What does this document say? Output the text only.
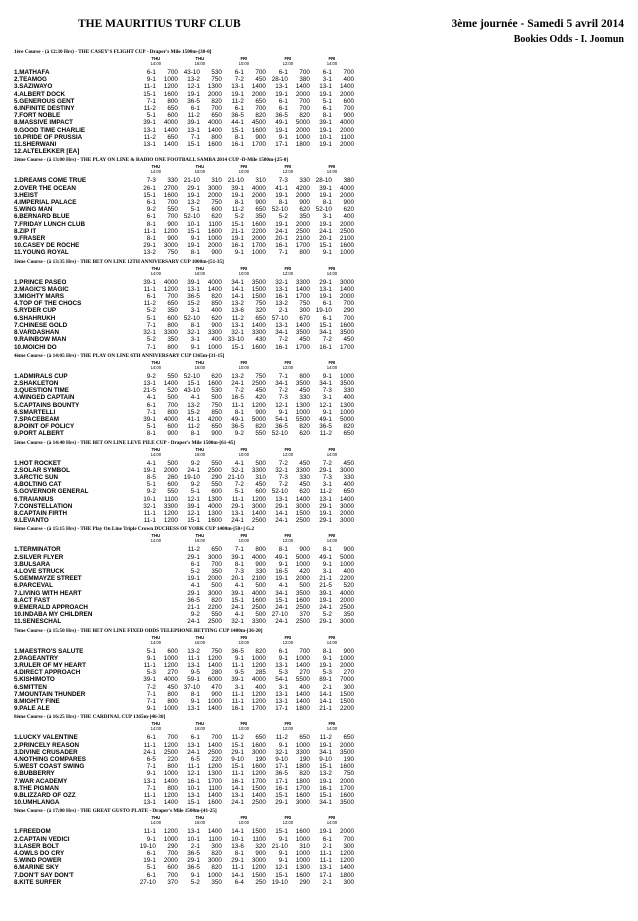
THE MAURITIUS TURF CLUB	3ème journée - Samedi 5 avril 2014
Bookies Odds - I. Joomun
1ère Course - (à 12:30 Hrs) - THE CASEY'S FLIGHT CUP - Draper's Mile 1500m-[30-0]
	THU		THU		FRI		FRI		FRI	
	14:00		16:00		10:00		12:00		14:00	

1.MATHAFA	6-1	700	43-10	530	6-1	700	6-1	700	6-1	700
2.TEAMOG	9-1	1000	13-2	750	7-2	450	28-10	380	3-1	400
3.SAZIWAYO	11-1	1200	12-1	1300	13-1	1400	13-1	1400	13-1	1400
4.ALBERT DOCK	15-1	1600	19-1	2000	19-1	2000	19-1	2000	19-1	2000
5.GENEROUS GENT	7-1	800	36-5	820	11-2	650	6-1	700	5-1	600
6.INFINITE DESTINY	11-2	650	6-1	700	6-1	700	6-1	700	6-1	700
7.FORT NOBLE	5-1	600	11-2	650	36-5	820	36-5	820	8-1	900
8.MASSIVE IMPACT	39-1	4000	39-1	4000	44-1	4500	49-1	5000	39-1	4000
9.GOOD TIME CHARLIE	13-1	1400	13-1	1400	15-1	1600	19-1	2000	19-1	2000
10.PRIDE OF PRUSSIA	11-2	650	7-1	800	8-1	900	9-1	1000	10-1	1100
11.SHERWANI	13-1	1400	15-1	1600	16-1	1700	17-1	1800	19-1	2000
12.ALTELEKKER [EA]										
2ème Course - (à 13:00 Hrs) - THE PLAY ON LINE & RADIO ONE FOOTBALL SAMBA 2014 CUP -D-Mile 1500m-[25-0]
	THU		THU		FRI		FRI		FRI	
	14:00		16:00		10:00		12:00		14:00	

1.DREAMS COME TRUE	7-3	330	21-10	310	21-10	310	7-3	330	28-10	380
2.OVER THE OCEAN	26-1	2700	29-1	3000	39-1	4000	41-1	4200	39-1	4000
3.HEIST	15-1	1600	19-1	2000	19-1	2000	19-1	2000	19-1	2000
4.IMPERIAL PALACE	6-1	700	13-2	750	8-1	900	8-1	900	8-1	900
5.WING MAN	9-2	550	5-1	600	11-2	650	52-10	620	52-10	620
6.BERNARD BLUE	6-1	700	52-10	620	5-2	350	5-2	350	3-1	400
7.FRIDAY LUNCH CLUB	8-1	900	10-1	1100	15-1	1600	19-1	2000	19-1	2000
8.ZIP IT	11-1	1200	15-1	1600	21-1	2200	24-1	2500	24-1	2500
9.FRASER	8-1	900	9-1	1000	19-1	2000	20-1	2100	20-1	2100
10.CASEY DE ROCHE	29-1	3000	19-1	2000	16-1	1700	16-1	1700	15-1	1600
11.YOUNG ROYAL	13-2	750	8-1	900	9-1	1000	7-1	800	9-1	1000
3ème Course - (à 13:35 Hrs) - THE BET ON LINE 12TH ANNIVERSARY CUP 1000m-[51-35]
	THU		THU		FRI		FRI		FRI	
	14:00		16:00		10:00		12:00		14:00	

1.PRINCE PASEO	39-1	4000	39-1	4000	34-1	3500	32-1	3300	29-1	3000
2.MAGIC'S MAGIC	11-1	1200	13-1	1400	14-1	1500	13-1	1400	13-1	1400
3.MIGHTY MARS	6-1	700	36-5	820	14-1	1500	16-1	1700	19-1	2000
4.TOP OF THE CHOCS	11-2	650	15-2	850	13-2	750	13-2	750	6-1	700
5.RYDER CUP	5-2	350	3-1	400	13-6	320	2-1	300	19-10	290
6.SHAHRUKH	5-1	600	52-10	620	11-2	650	57-10	670	6-1	700
7.CHINESE GOLD	7-1	800	8-1	900	13-1	1400	13-1	1400	15-1	1600
8.VARDASHAN	32-1	3300	32-1	3300	32-1	3300	34-1	3500	34-1	3500
9.RAINBOW MAN	5-2	350	3-1	400	33-10	430	7-2	450	7-2	450
10.MOICHI DO	7-1	800	9-1	1000	15-1	1600	16-1	1700	16-1	1700
4ème Course - (à 14:05 Hrs) - THE PLAY ON LINE 6TH ANNIVERSARY CUP 1365m-[31-15]
	THU		THU		FRI		FRI		FRI	
	14:00		16:00		10:00		12:00		14:00	

1.ADMIRALS CUP	9-2	550	52-10	620	13-2	750	7-1	800	9-1	1000
2.SHAKLETON	13-1	1400	15-1	1600	24-1	2500	34-1	3500	34-1	3500
3.QUESTION TIME	21-5	520	43-10	530	7-2	450	7-2	450	7-3	330
4.WINGED CAPTAIN	4-1	500	4-1	500	16-5	420	7-3	330	3-1	400
5.CAPTAINS BOUNTY	6-1	700	13-2	750	11-1	1200	12-1	1300	12-1	1300
6.SMARTELLI	7-1	800	15-2	850	8-1	900	9-1	1000	9-1	1000
7.SPACEBEAM	39-1	4000	41-1	4200	49-1	5000	54-1	5500	49-1	5000
8.POINT OF POLICY	5-1	600	11-2	650	36-5	820	36-5	820	36-5	820
9.PORT ALBERT	8-1	900	8-1	900	9-2	550	52-10	620	11-2	650
5ème Course - (à 14:40 Hrs) - THE BET ON LINE LEVÉ PILÉ CUP - Draper's Mile 1500m-[61-45]
	THU		THU		FRI		FRI		FRI	
	14:00		16:00		10:00		12:00		14:00	

1.HOT ROCKET	4-1	500	9-2	550	4-1	500	7-2	450	7-2	450
2.SOLAR SYMBOL	19-1	2000	24-1	2500	32-1	3300	32-1	3300	29-1	3000
3.ARCTIC SUN	8-5	260	19-10	290	21-10	310	7-3	330	7-3	330
4.BOLTING CAT	5-1	600	9-2	550	7-2	450	7-2	450	3-1	400
5.GOVERNOR GENERAL	9-2	550	5-1	600	5-1	600	52-10	620	11-2	650
6.TRAIANIUS	10-1	1100	12-1	1300	11-1	1200	13-1	1400	13-1	1400
7.CONSTELLATION	32-1	3300	39-1	4000	29-1	3000	29-1	3000	29-1	3000
8.CAPTAIN FIRTH	11-1	1200	12-1	1300	13-1	1400	14-1	1500	19-1	2000
9.LEVANTO	11-1	1200	15-1	1600	24-1	2500	24-1	2500	29-1	3000
6ème Course - (à 15:15 Hrs) - THE Play On Line Triple Crown DUCHESS OF YORK CUP 1400m-[50+] G.2
	THU		THU		FRI		FRI		FRI	
	14:00		16:00		10:00		12:00		14:00	

1.TERMINATOR			11-2	650	7-1	800	8-1	900	8-1	900
2.SILVER FLYER			29-1	3000	39-1	4000	49-1	5000	49-1	5000
3.BULSARA			6-1	700	8-1	900	9-1	1000	9-1	1000
4.LOVE STRUCK			5-2	350	7-3	330	16-5	420	3-1	400
5.GEMMAYZE STREET			19-1	2000	20-1	2100	19-1	2000	21-1	2200
6.PARCEVAL			4-1	500	4-1	500	4-1	500	21-5	520
7.LIVING WITH HEART			29-1	3000	39-1	4000	34-1	3500	39-1	4000
8.ACT FAST			36-5	820	15-1	1600	15-1	1600	19-1	2000
9.EMERALD APPROACH			21-1	2200	24-1	2500	24-1	2500	24-1	2500
10.INDABA MY CHILDREN			9-2	550	4-1	500	27-10	370	5-2	350
11.SENESCHAL			24-1	2500	32-1	3300	24-1	2500	29-1	3000
7ème Course - (à 15:50 Hrs) - THE BET ON LINE FIXED ODDS TELEPHONE BETTING CUP 1400m-[36-20]
	THU		THU		FRI		FRI		FRI	
	14:00		16:00		10:00		12:00		14:00	

1.MAESTRO'S SALUTE	5-1	600	13-2	750	36-5	820	6-1	700	8-1	900
2.PAGEANTRY	9-1	1000	11-1	1200	9-1	1000	9-1	1000	9-1	1000
3.RULER OF MY HEART	11-1	1200	13-1	1400	11-1	1200	13-1	1400	19-1	2000
4.DIRECT APPROACH	5-3	270	9-5	280	9-5	285	5-3	270	5-3	270
5.KISHIMOTO	39-1	4000	59-1	6000	39-1	4000	54-1	5500	89-1	7000
6.SMITTEN	7-2	450	37-10	470	3-1	400	3-1	400	2-1	300
7.MOUNTAIN THUNDER	7-1	800	8-1	900	11-1	1200	13-1	1400	14-1	1500
8.MIGHTY FINE	7-1	800	9-1	1000	11-1	1200	13-1	1400	14-1	1500
9.PALE ALE	9-1	1000	13-1	1400	16-1	1700	17-1	1800	21-1	2200
8ème Course - (à 16:25 Hrs) - THE CARDINAL CUP 1365m-[46-30]
	THU		THU		FRI		FRI		FRI	
	14:00		16:00		10:00		12:00		14:00	

1.LUCKY VALENTINE	6-1	700	6-1	700	11-2	650	11-2	650	11-2	650
2.PRINCELY REASON	11-1	1200	13-1	1400	15-1	1600	9-1	1000	19-1	2000
3.DIVINE CRUSADER	24-1	2500	24-1	2500	29-1	3000	32-1	3300	34-1	3500
4.NOTHING COMPARES	6-5	220	6-5	220	9-10	190	9-10	190	9-10	190
5.WEST COAST SWING	7-1	800	11-1	1200	15-1	1600	17-1	1800	15-1	1600
6.BUBBERRY	9-1	1000	12-1	1300	11-1	1200	36-5	820	13-2	750
7.WAR ACADEMY	13-1	1400	16-1	1700	16-1	1700	17-1	1800	19-1	2000
8.THE PIGMAN	7-1	800	10-1	1100	14-1	1500	16-1	1700	16-1	1700
9.BLIZZARD OF OZZ	11-1	1200	13-1	1400	13-1	1400	15-1	1600	15-1	1600
10.UMHLANGA	13-1	1400	15-1	1600	24-1	2500	29-1	3000	34-1	3500
9ème Course - (à 17:00 Hrs) - THE GREAT GUSTO PLATE - Draper's Mile 1500m-[41-25]
	THU		THU		FRI		FRI		FRI	
	14:00		16:00		10:00		12:00		14:00	

1.FREEDOM	11-1	1200	13-1	1400	14-1	1500	15-1	1600	19-1	2000
2.CAPTAIN VEDICI	9-1	1000	10-1	1100	10-1	1100	9-1	1000	6-1	700
3.LASER BOLT	19-10	290	2-1	300	13-6	320	21-10	310	2-1	300
4.OWLS DO CRY	6-1	700	36-5	820	8-1	900	9-1	1000	11-1	1200
5.WIND POWER	19-1	2000	29-1	3000	29-1	3000	9-1	1000	11-1	1200
6.MARINE SKY	5-1	600	36-5	820	11-1	1200	12-1	1300	13-1	1400
7.DON'T SAY DON'T	6-1	700	9-1	1000	14-1	1500	15-1	1600	17-1	1800
8.KITE SURFER	27-10	370	5-2	350	6-4	250	19-10	290	2-1	300
